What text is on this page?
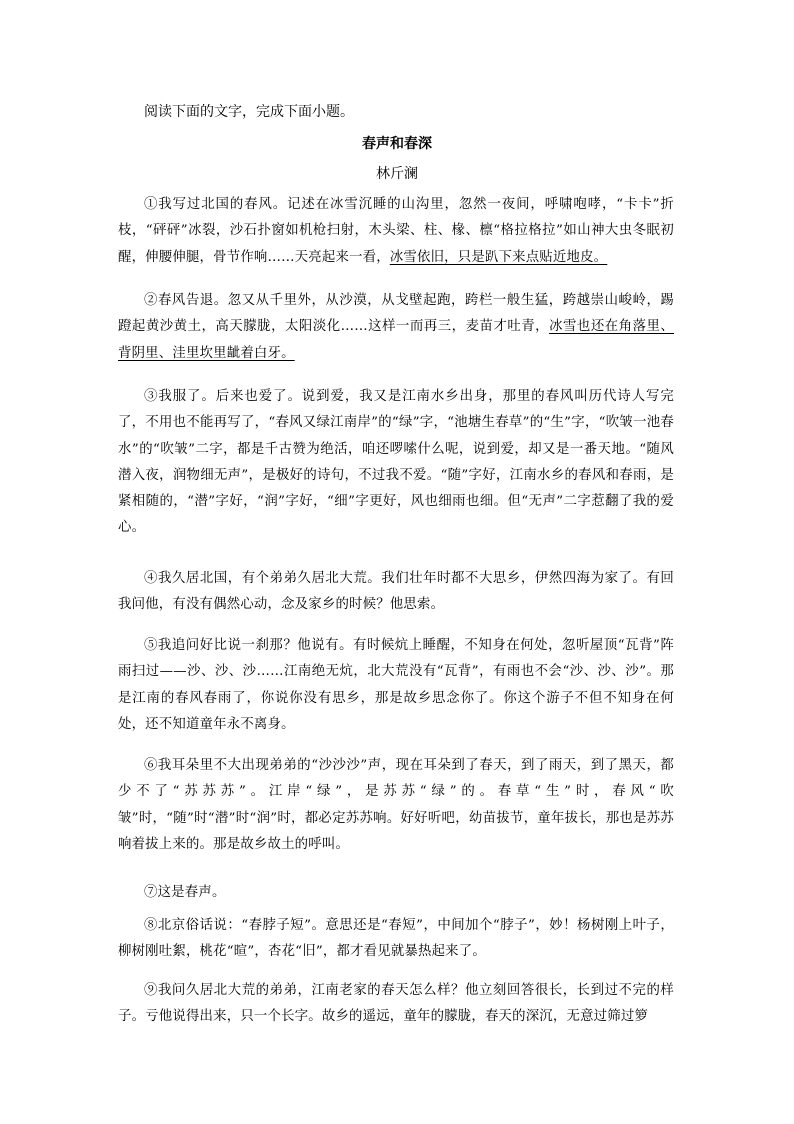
阅读下面的文字，完成下面小题。
春声和春深
林斤澜
①我写过北国的春风。记述在冰雪沉睡的山沟里，忽然一夜间，呼啸咆哮，“卡卡”折枝，“砰砰”冰裂，沙石扑窗如机枪扫射，木头梁、柱、椽、檩“格拉格拉”如山神大虫冬眠初醒，伸腰伸腿，骨节作响……天亮起来一看，冰雪依旧，只是趴下来点贴近地皮。
②春风告退。忽又从千里外，从沙漠，从戈壁起跑，跨栏一般生猛，跨越崇山峻岭，踢蹬起黄沙黄土，高天朦胧，太阳淡化……这样一而再三，麦苗才吐青，冰雪也还在角落里、背阴里、洼里坎里龇着白牙。
③我服了。后来也爱了。说到爱，我又是江南水乡出身，那里的春风叫历代诗人写完了，不用也不能再写了，“春风又绿江南岸”的“绿”字，“池塘生春草”的“生”字，“吹皱一池春水”的“吹皱”二字，都是千古赞为绝活，咱还啰嗦什么呢，说到爱，却又是一番天地。“随风潜入夜，润物细无声”，是极好的诗句，不过我不爱。“随”字好，江南水乡的春风和春雨，是紧相随的，“潜”字好，“润”字好，“细”字更好，风也细雨也细。但“无声”二字惹翻了我的爱心。
④我久居北国，有个弟弟久居北大荒。我们壮年时都不大思乡，伊然四海为家了。有回我问他，有没有偶然心动，念及家乡的时候？他思索。
⑤我追问好比说一刹那？他说有。有时候炕上睡醒，不知身在何处，忽听屋顶“瓦背”阵雨扫过——沙、沙、沙……江南绝无炕，北大荒没有“瓦背”，有雨也不会“沙、沙、沙”。那是江南的春风春雨了，你说你没有思乡，那是故乡思念你了。你这个游子不但不知身在何处，还不知道童年永不离身。
⑥我耳朵里不大出现弟弟的“沙沙沙”声，现在耳朵到了春天，到了雨天，到了黑天，都少不了“苏苏苏”。江岸“绿”，是苏苏“绿”的。春草“生”时，春风“吹皱”时，“随”时“潜”时“润”时，都必定苏苏响。好好听吧，幼苗拔节，童年拔长，那也是苏苏响着拔上来的。那是故乡故土的呼叫。
⑦这是春声。
⑧北京俗话说：“春脖子短”。意思还是“春短”，中间加个“脖子”，妙！杨树刚上叶子，柳树刚吐絮，桃花“暄”，杏花“旧”，都才看见就暴热起来了。
⑨我问久居北大荒的弟弟，江南老家的春天怎么样？他立刻回答很长，长到过不完的样子。亏他说得出来，只一个长字。故乡的遥远，童年的朦胧，春天的深沉，无意过筛过箩
